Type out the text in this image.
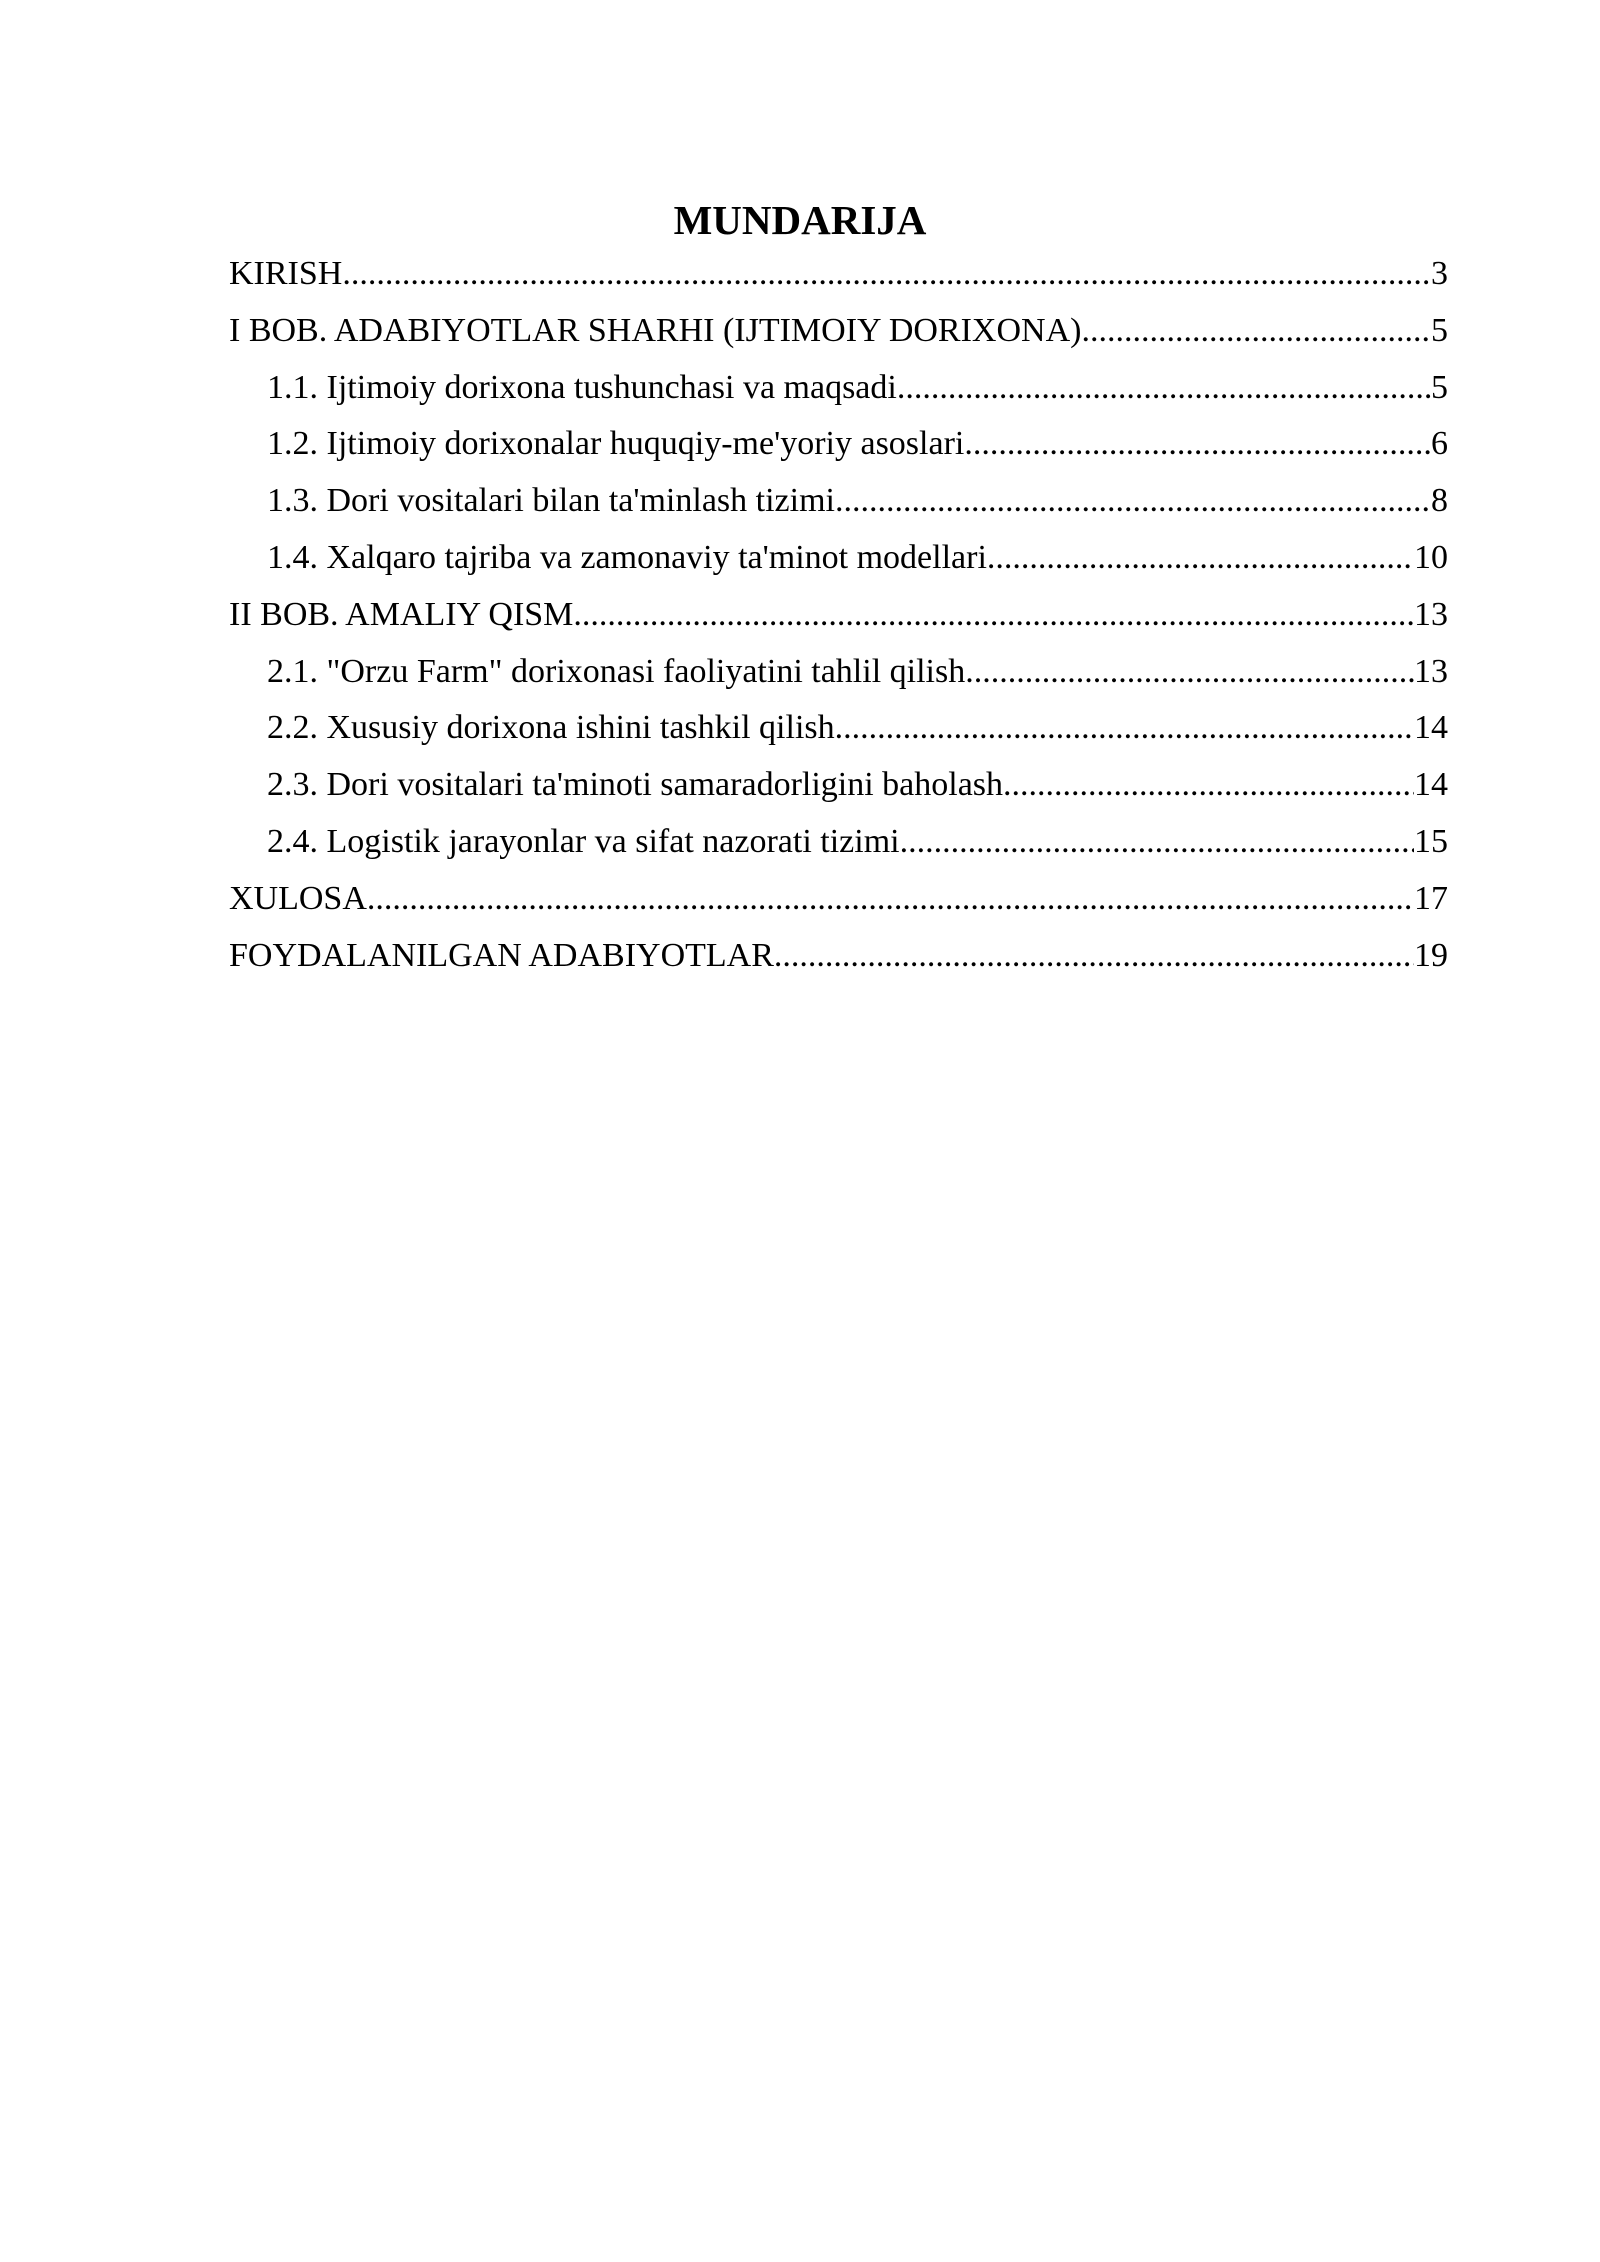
MUNDARIJA
KIRISH .....	3
I BOB. ADABIYOTLAR SHARHI (IJTIMOIY DORIXONA) .....	5
1.1. Ijtimoiy dorixona tushunchasi va maqsadi .....	5
1.2. Ijtimoiy dorixonalar huquqiy-me'yoriy asoslari .....	6
1.3. Dori vositalari bilan ta'minlash tizimi .....	8
1.4. Xalqaro tajriba va zamonaviy ta'minot modellari .....	10
II BOB. AMALIY QISM .....	13
2.1. "Orzu Farm" dorixonasi faoliyatini tahlil qilish .....	13
2.2. Xususiy dorixona ishini tashkil qilish .....	14
2.3. Dori vositalari ta'minoti samaradorligini baholash .....	14
2.4. Logistik jarayonlar va sifat nazorati tizimi .....	15
XULOSA .....	17
FOYDALANILGAN ADABIYOTLAR .....	19
